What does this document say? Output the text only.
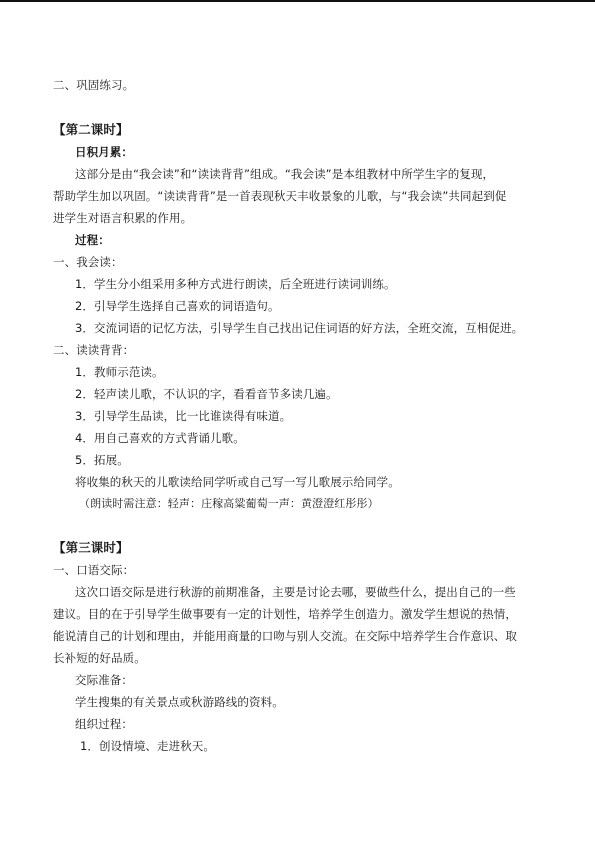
二、巩固练习。
【第二课时】
日积月累：
这部分是由“我会读”和“读读背背”组成。“我会读”是本组教材中所学生字的复现，
帮助学生加以巩固。“读读背背”是一首表现秋天丰收景象的儿歌，与“我会读”共同起到促
进学生对语言积累的作用。
过程：
一、我会读：
1．学生分小组采用多种方式进行朗读，后全班进行读词训练。
2．引导学生选择自己喜欢的词语造句。
3．交流词语的记忆方法，引导学生自己找出记住词语的好方法，全班交流，互相促进。
二、读读背背：
1．教师示范读。
2．轻声读儿歌，不认识的字，看看音节多读几遍。
3．引导学生品读，比一比谁读得有味道。
4．用自己喜欢的方式背诵儿歌。
5．拓展。
将收集的秋天的儿歌读给同学听或自己写一写儿歌展示给同学。
（朗读时需注意：轻声：庄稼高粱葡萄一声：黄澄澄红彤彤）
【第三课时】
一、口语交际：
这次口语交际是进行秋游的前期准备，主要是讨论去哪，要做些什么，提出自己的一些
建议。目的在于引导学生做事要有一定的计划性，培养学生创造力。激发学生想说的热情，
能说清自己的计划和理由，并能用商量的口吻与别人交流。在交际中培养学生合作意识、取
长补短的好品质。
交际准备：
学生搜集的有关景点或秋游路线的资料。
组织过程：
1．创设情境、走进秋天。
